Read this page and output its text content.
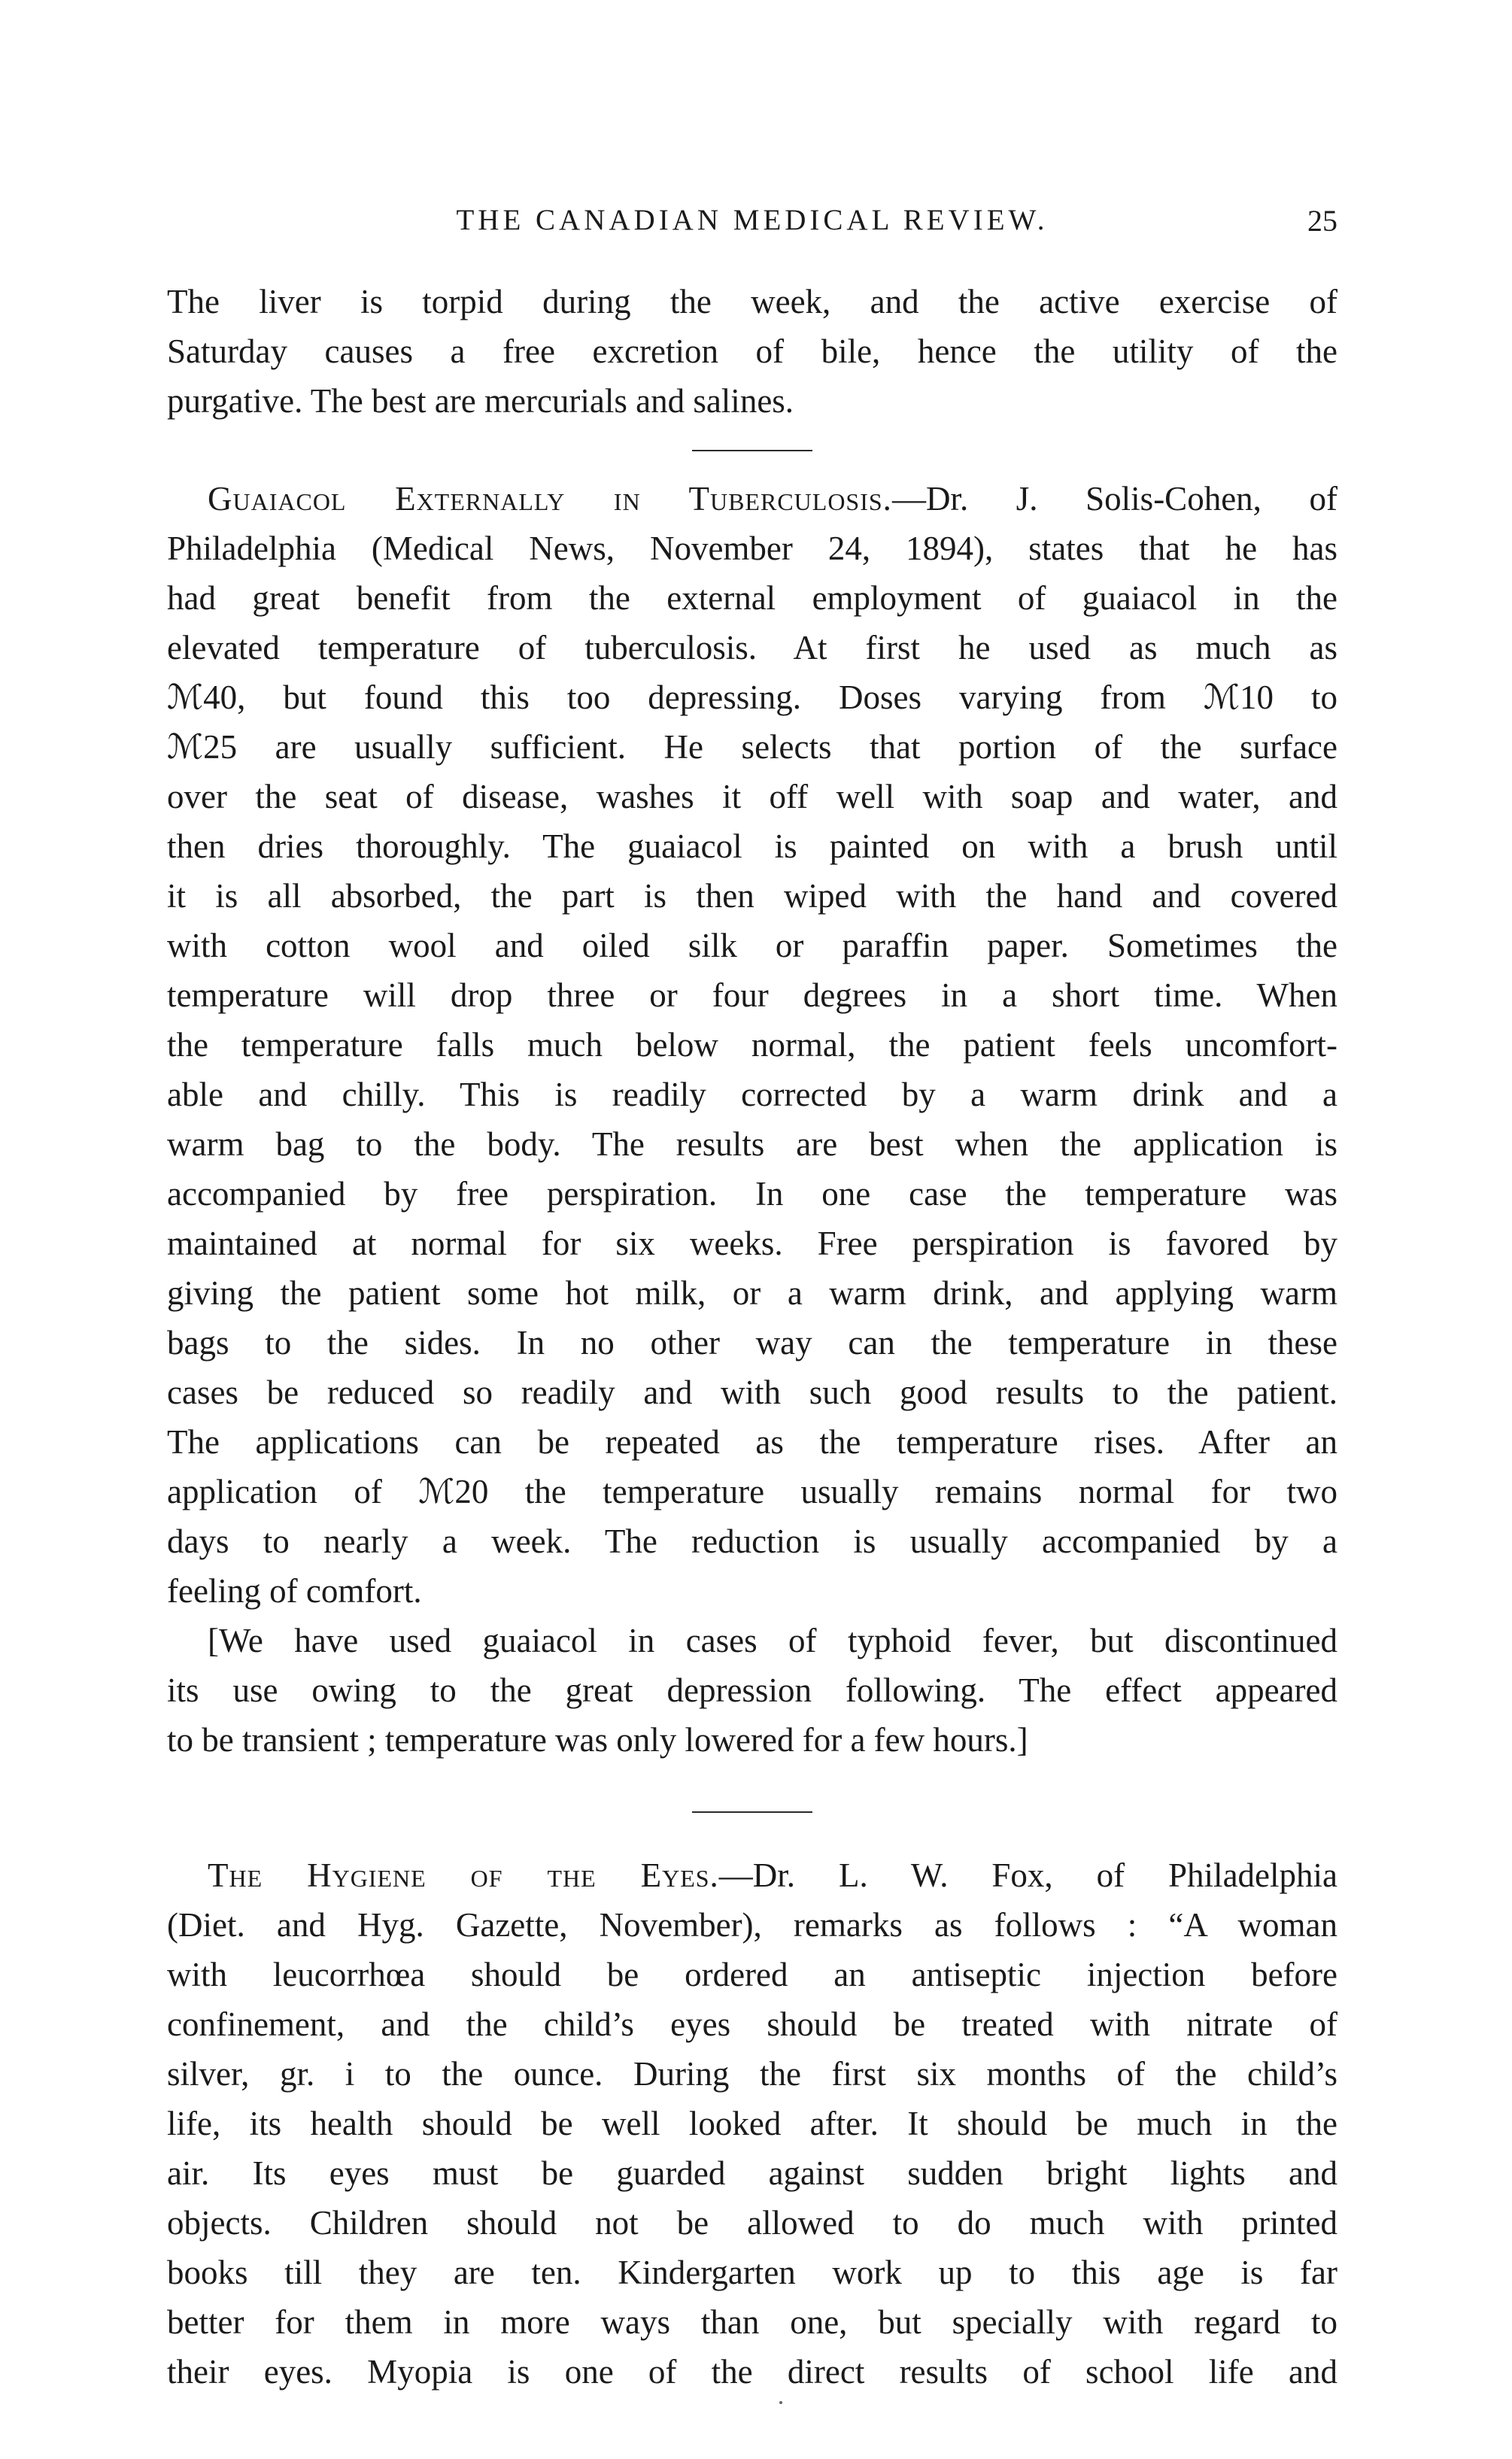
THE CANADIAN MEDICAL REVIEW.	25
The liver is torpid during the week, and the active exercise of
Saturday causes a free excretion of bile, hence the utility of the
purgative. The best are mercurials and salines.
Guaiacol Externally in Tuberculosis.—Dr. J. Solis-Cohen, of
Philadelphia (Medical News, November 24, 1894), states that he has
had great benefit from the external employment of guaiacol in the
elevated temperature of tuberculosis. At first he used as much as
ℳ40, but found this too depressing. Doses varying from ℳ10 to
ℳ25 are usually sufficient. He selects that portion of the surface
over the seat of disease, washes it off well with soap and water, and
then dries thoroughly. The guaiacol is painted on with a brush until
it is all absorbed, the part is then wiped with the hand and covered
with cotton wool and oiled silk or paraffin paper. Sometimes the
temperature will drop three or four degrees in a short time. When
the temperature falls much below normal, the patient feels uncomfort-
able and chilly. This is readily corrected by a warm drink and a
warm bag to the body. The results are best when the application is
accompanied by free perspiration. In one case the temperature was
maintained at normal for six weeks. Free perspiration is favored by
giving the patient some hot milk, or a warm drink, and applying warm
bags to the sides. In no other way can the temperature in these
cases be reduced so readily and with such good results to the patient.
The applications can be repeated as the temperature rises. After an
application of ℳ20 the temperature usually remains normal for two
days to nearly a week. The reduction is usually accompanied by a
feeling of comfort.
[We have used guaiacol in cases of typhoid fever, but discontinued
its use owing to the great depression following. The effect appeared
to be transient ; temperature was only lowered for a few hours.]
The Hygiene of the Eyes.—Dr. L. W. Fox, of Philadelphia
(Diet. and Hyg. Gazette, November), remarks as follows : “A woman
with leucorrhœa should be ordered an antiseptic injection before
confinement, and the child’s eyes should be treated with nitrate of
silver, gr. i to the ounce. During the first six months of the child’s
life, its health should be well looked after. It should be much in the
air. Its eyes must be guarded against sudden bright lights and
objects. Children should not be allowed to do much with printed
books till they are ten. Kindergarten work up to this age is far
better for them in more ways than one, but specially with regard to
their eyes. Myopia is one of the direct results of school life and
